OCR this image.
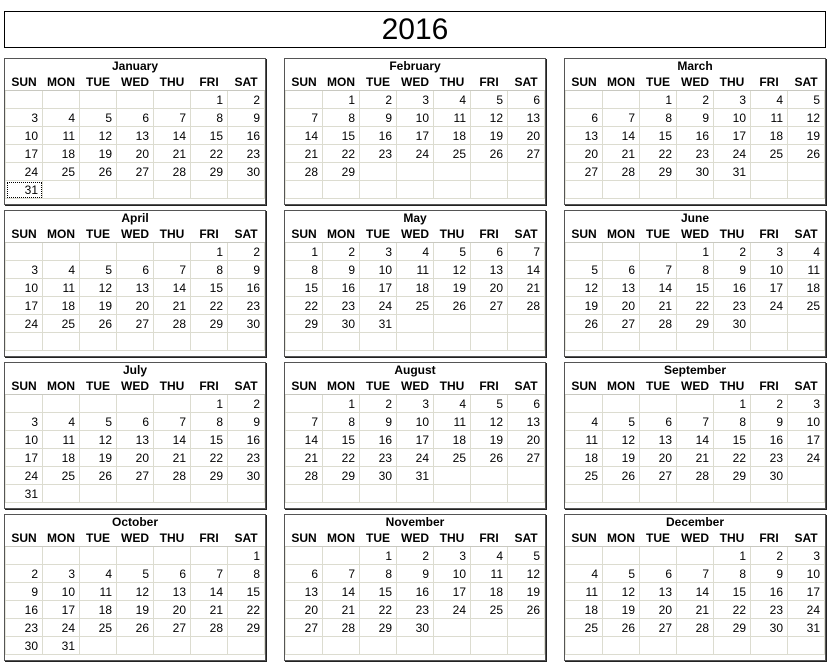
2016
January
SUN	MON	TUE	WED	THU	FRI	SAT
					1	2
3	4	5	6	7	8	9
10	11	12	13	14	15	16
17	18	19	20	21	22	23
24	25	26	27	28	29	30
31						
February
SUN	MON	TUE	WED	THU	FRI	SAT
	1	2	3	4	5	6
7	8	9	10	11	12	13
14	15	16	17	18	19	20
21	22	23	24	25	26	27
28	29					

March
SUN	MON	TUE	WED	THU	FRI	SAT
		1	2	3	4	5
6	7	8	9	10	11	12
13	14	15	16	17	18	19
20	21	22	23	24	25	26
27	28	29	30	31		

April
SUN	MON	TUE	WED	THU	FRI	SAT
					1	2
3	4	5	6	7	8	9
10	11	12	13	14	15	16
17	18	19	20	21	22	23
24	25	26	27	28	29	30

May
SUN	MON	TUE	WED	THU	FRI	SAT
1	2	3	4	5	6	7
8	9	10	11	12	13	14
15	16	17	18	19	20	21
22	23	24	25	26	27	28
29	30	31				

June
SUN	MON	TUE	WED	THU	FRI	SAT
			1	2	3	4
5	6	7	8	9	10	11
12	13	14	15	16	17	18
19	20	21	22	23	24	25
26	27	28	29	30		

July
SUN	MON	TUE	WED	THU	FRI	SAT
					1	2
3	4	5	6	7	8	9
10	11	12	13	14	15	16
17	18	19	20	21	22	23
24	25	26	27	28	29	30
31						
August
SUN	MON	TUE	WED	THU	FRI	SAT
	1	2	3	4	5	6
7	8	9	10	11	12	13
14	15	16	17	18	19	20
21	22	23	24	25	26	27
28	29	30	31			

September
SUN	MON	TUE	WED	THU	FRI	SAT
				1	2	3
4	5	6	7	8	9	10
11	12	13	14	15	16	17
18	19	20	21	22	23	24
25	26	27	28	29	30	

October
SUN	MON	TUE	WED	THU	FRI	SAT
						1
2	3	4	5	6	7	8
9	10	11	12	13	14	15
16	17	18	19	20	21	22
23	24	25	26	27	28	29
30	31					
November
SUN	MON	TUE	WED	THU	FRI	SAT
		1	2	3	4	5
6	7	8	9	10	11	12
13	14	15	16	17	18	19
20	21	22	23	24	25	26
27	28	29	30			

December
SUN	MON	TUE	WED	THU	FRI	SAT
				1	2	3
4	5	6	7	8	9	10
11	12	13	14	15	16	17
18	19	20	21	22	23	24
25	26	27	28	29	30	31
